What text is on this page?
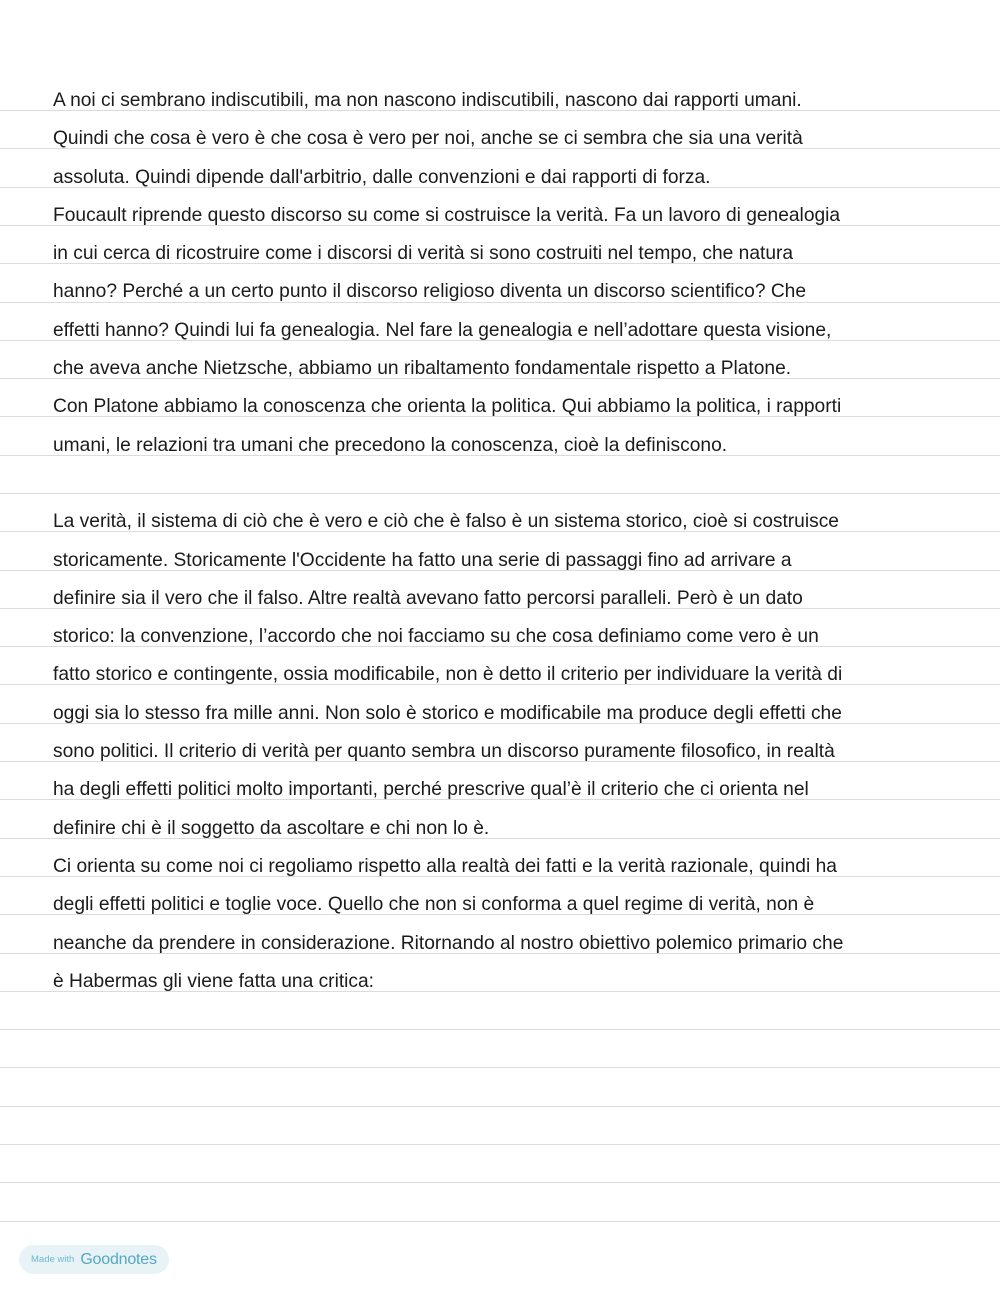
A noi ci sembrano indiscutibili, ma non nascono indiscutibili, nascono dai rapporti umani.
Quindi che cosa è vero è che cosa è vero per noi, anche se ci sembra che sia una verità
assoluta. Quindi dipende dall'arbitrio, dalle convenzioni e dai rapporti di forza.
Foucault riprende questo discorso su come si costruisce la verità. Fa un lavoro di genealogia
in cui cerca di ricostruire come i discorsi di verità si sono costruiti nel tempo, che natura
hanno? Perché a un certo punto il discorso religioso diventa un discorso scientifico? Che
effetti hanno? Quindi lui fa genealogia. Nel fare la genealogia e nell’adottare questa visione,
che aveva anche Nietzsche, abbiamo un ribaltamento fondamentale rispetto a Platone.
Con Platone abbiamo la conoscenza che orienta la politica. Qui abbiamo la politica, i rapporti
umani, le relazioni tra umani che precedono la conoscenza, cioè la definiscono.
La verità, il sistema di ciò che è vero e ciò che è falso è un sistema storico, cioè si costruisce
storicamente. Storicamente l'Occidente ha fatto una serie di passaggi fino ad arrivare a
definire sia il vero che il falso. Altre realtà avevano fatto percorsi paralleli. Però è un dato
storico: la convenzione, l’accordo che noi facciamo su che cosa definiamo come vero è un
fatto storico e contingente, ossia modificabile, non è detto il criterio per individuare la verità di
oggi sia lo stesso fra mille anni. Non solo è storico e modificabile ma produce degli effetti che
sono politici. Il criterio di verità per quanto sembra un discorso puramente filosofico, in realtà
ha degli effetti politici molto importanti, perché prescrive qual’è il criterio che ci orienta nel
definire chi è il soggetto da ascoltare e chi non lo è.
Ci orienta su come noi ci regoliamo rispetto alla realtà dei fatti e la verità razionale, quindi ha
degli effetti politici e toglie voce. Quello che non si conforma a quel regime di verità, non è
neanche da prendere in considerazione. Ritornando al nostro obiettivo polemico primario che
è Habermas gli viene fatta una critica:
Made with Goodnotes
